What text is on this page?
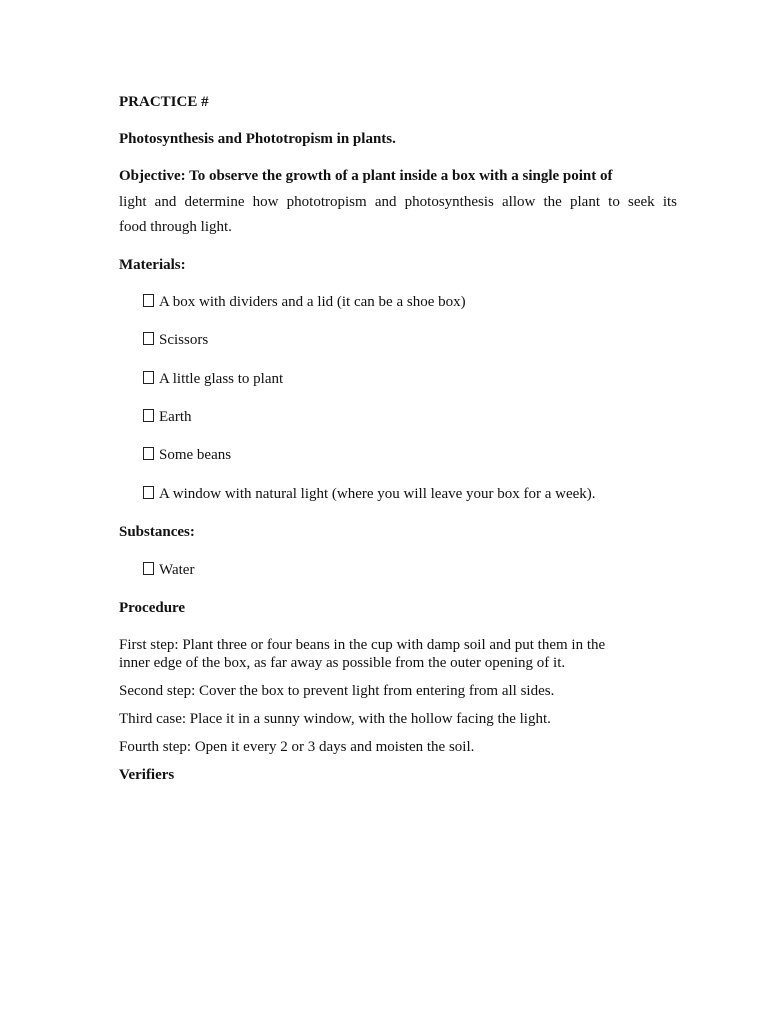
PRACTICE #
Photosynthesis and Phototropism in plants.
Objective: To observe the growth of a plant inside a box with a single point of
light and determine how phototropism and photosynthesis allow the plant to seek its
food through light.
Materials:
A box with dividers and a lid (it can be a shoe box)
Scissors
A little glass to plant
Earth
Some beans
A window with natural light (where you will leave your box for a week).
Substances:
Water
Procedure
First step: Plant three or four beans in the cup with damp soil and put them in the
inner edge of the box, as far away as possible from the outer opening of it.
Second step: Cover the box to prevent light from entering from all sides.
Third case: Place it in a sunny window, with the hollow facing the light.
Fourth step: Open it every 2 or 3 days and moisten the soil.
Verifiers
